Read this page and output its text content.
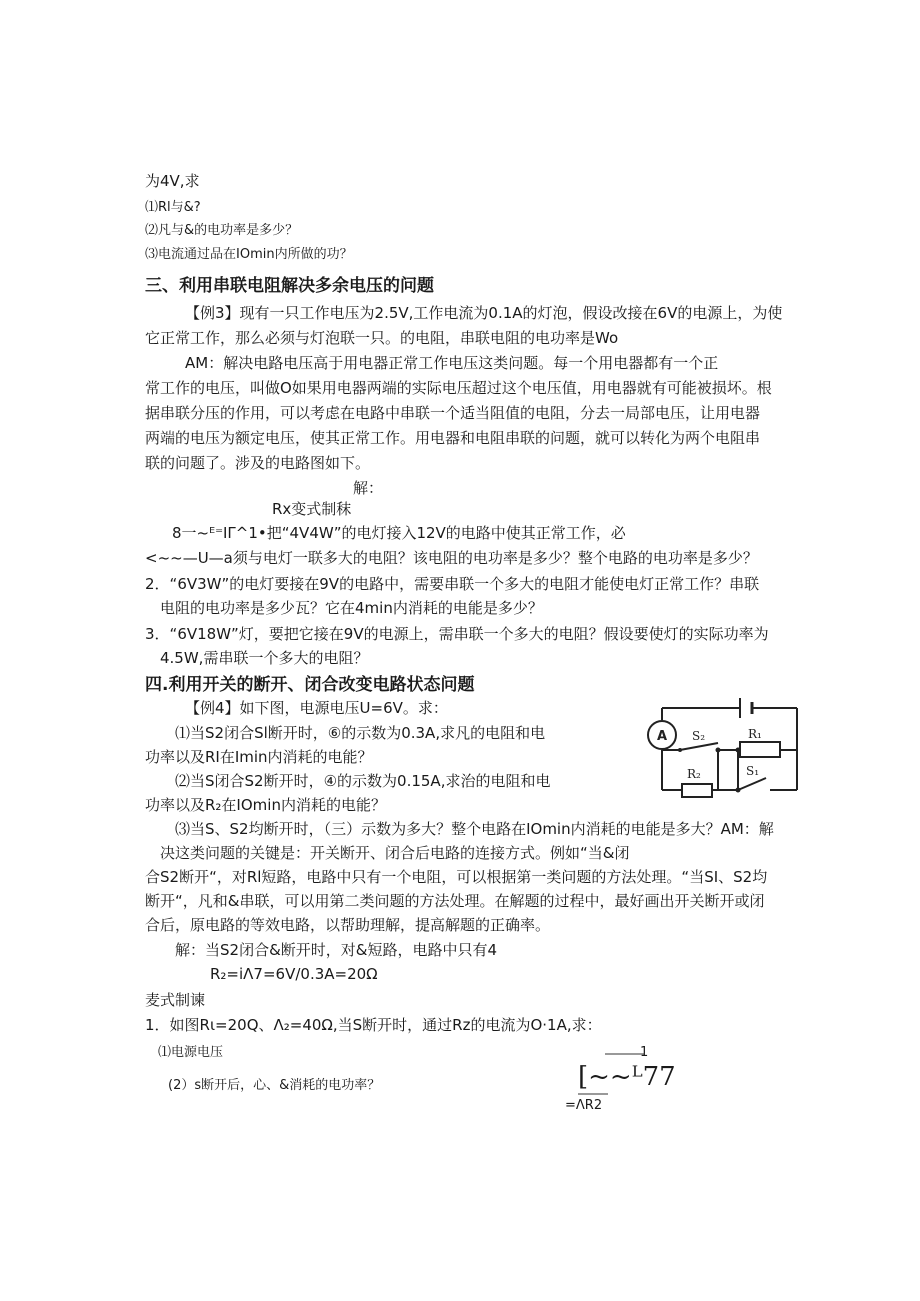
为4V,求
⑴Rl与&?
⑵凡与&的电功率是多少？
⑶电流通过品在IOmin内所做的功？
三、利用串联电阻解决多余电压的问题
【例3】现有一只工作电压为2.5V,工作电流为0.1A的灯泡，假设改接在6V的电源上，为使
它正常工作，那么必须与灯泡联一只。的电阻，串联电阻的电功率是Wo
AM：解决电路电压高于用电器正常工作电压这类问题。每一个用电器都有一个正
常工作的电压，叫做O如果用电器两端的实际电压超过这个电压值，用电器就有可能被损坏。根
据串联分压的作用，可以考虑在电路中串联一个适当阻值的电阻，分去一局部电压，让用电器
两端的电压为额定电压，使其正常工作。用电器和电阻串联的问题，就可以转化为两个电阻串
联的问题了。涉及的电路图如下。
解：
Rx变式制秣
8一~ᴱ⁼IΓ^1•把“4V4W”的电灯接入12V的电路中使其正常工作，必
<~~—U—a须与电灯一联多大的电阻？该电阻的电功率是多少？整个电路的电功率是多少？
2．“6V3W”的电灯要接在9V的电路中，需要串联一个多大的电阻才能使电灯正常工作？串联
电阻的电功率是多少瓦？它在4min内消耗的电能是多少？
3．“6V18W”灯，要把它接在9V的电源上，需串联一个多大的电阻？假设要使灯的实际功率为
4.5W,需串联一个多大的电阻？
四.利用开关的断开、闭合改变电路状态问题
【例4】如下图，电源电压U=6V。求：
⑴当S2闭合Sl断开时，⑥的示数为0.3A,求凡的电阻和电
功率以及RI在Imin内消耗的电能？
⑵当S闭合S2断开时，④的示数为0.15A,求治的电阻和电
功率以及R₂在IOmin内消耗的电能？
⑶当S、S2均断开时，（三）示数为多大？整个电路在IOmin内消耗的电能是多大？AM：解
决这类问题的关键是：开关断开、闭合后电路的连接方式。例如“当&闭
合S2断开“，对Rl短路，电路中只有一个电阻，可以根据第一类问题的方法处理。“当SI、S2均
断开“，凡和&串联，可以用第二类问题的方法处理。在解题的过程中，最好画出开关断开或闭
合后，原电路的等效电路，以帮助理解，提高解题的正确率。
解：当S2闭合&断开时，对&短路，电路中只有4
R₂=iΛ7=6V/0.3A=20Ω
麦式制谏
1．如图Rι=20Q、Λ₂=40Ω,当S断开时，通过Rz的电流为O·1A,求：
⑴电源电压
(2）s断开后，心、&消耗的电功率？
1
[~~ᴸ77
=ΛR2
A S₂	R₁
R₂	S₁
